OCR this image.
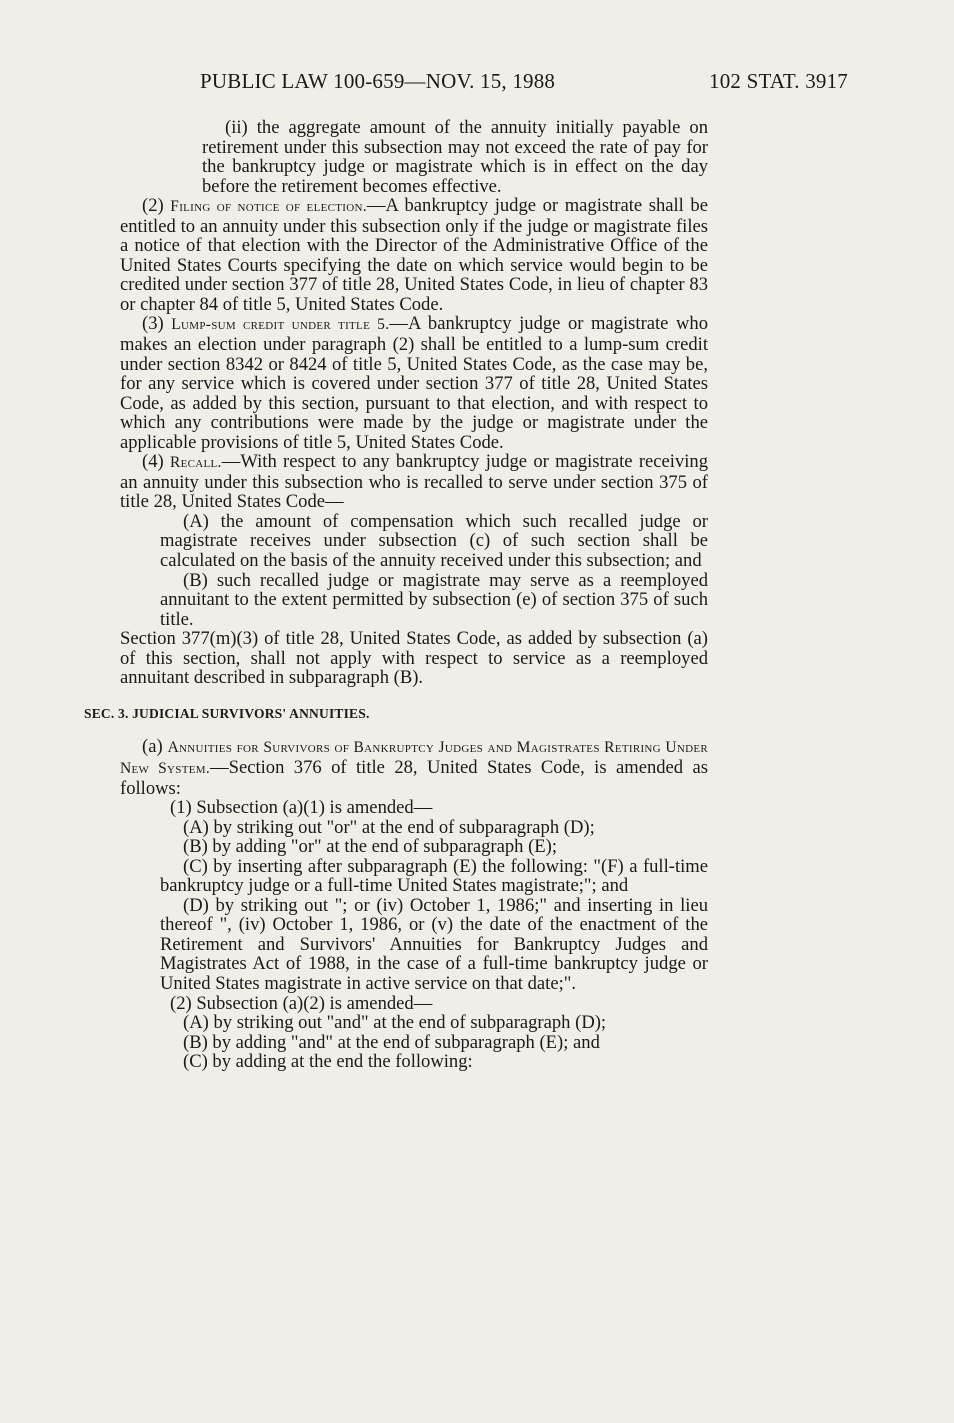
PUBLIC LAW 100-659—NOV. 15, 1988	102 STAT. 3917

(ii) the aggregate amount of the annuity initially payable on retirement under this subsection may not exceed the rate of pay for the bankruptcy judge or magistrate which is in effect on the day before the retirement becomes effective.

(2) Filing of notice of election.—A bankruptcy judge or magistrate shall be entitled to an annuity under this subsection only if the judge or magistrate files a notice of that election with the Director of the Administrative Office of the United States Courts specifying the date on which service would begin to be credited under section 377 of title 28, United States Code, in lieu of chapter 83 or chapter 84 of title 5, United States Code.

(3) Lump-sum credit under title 5.—A bankruptcy judge or magistrate who makes an election under paragraph (2) shall be entitled to a lump-sum credit under section 8342 or 8424 of title 5, United States Code, as the case may be, for any service which is covered under section 377 of title 28, United States Code, as added by this section, pursuant to that election, and with respect to which any contributions were made by the judge or magistrate under the applicable provisions of title 5, United States Code.

(4) Recall.—With respect to any bankruptcy judge or magistrate receiving an annuity under this subsection who is recalled to serve under section 375 of title 28, United States Code—

(A) the amount of compensation which such recalled judge or magistrate receives under subsection (c) of such section shall be calculated on the basis of the annuity received under this subsection; and

(B) such recalled judge or magistrate may serve as a reemployed annuitant to the extent permitted by subsection (e) of section 375 of such title.

Section 377(m)(3) of title 28, United States Code, as added by subsection (a) of this section, shall not apply with respect to service as a reemployed annuitant described in subparagraph (B).

SEC. 3. JUDICIAL SURVIVORS' ANNUITIES.

(a) Annuities for Survivors of Bankruptcy Judges and Magistrates Retiring Under New System.—Section 376 of title 28, United States Code, is amended as follows:

(1) Subsection (a)(1) is amended—

(A) by striking out "or" at the end of subparagraph (D);

(B) by adding "or" at the end of subparagraph (E);

(C) by inserting after subparagraph (E) the following: "(F) a full-time bankruptcy judge or a full-time United States magistrate;"; and

(D) by striking out "; or (iv) October 1, 1986;" and inserting in lieu thereof ", (iv) October 1, 1986, or (v) the date of the enactment of the Retirement and Survivors' Annuities for Bankruptcy Judges and Magistrates Act of 1988, in the case of a full-time bankruptcy judge or United States magistrate in active service on that date;".

(2) Subsection (a)(2) is amended—

(A) by striking out "and" at the end of subparagraph (D);

(B) by adding "and" at the end of subparagraph (E); and

(C) by adding at the end the following:
